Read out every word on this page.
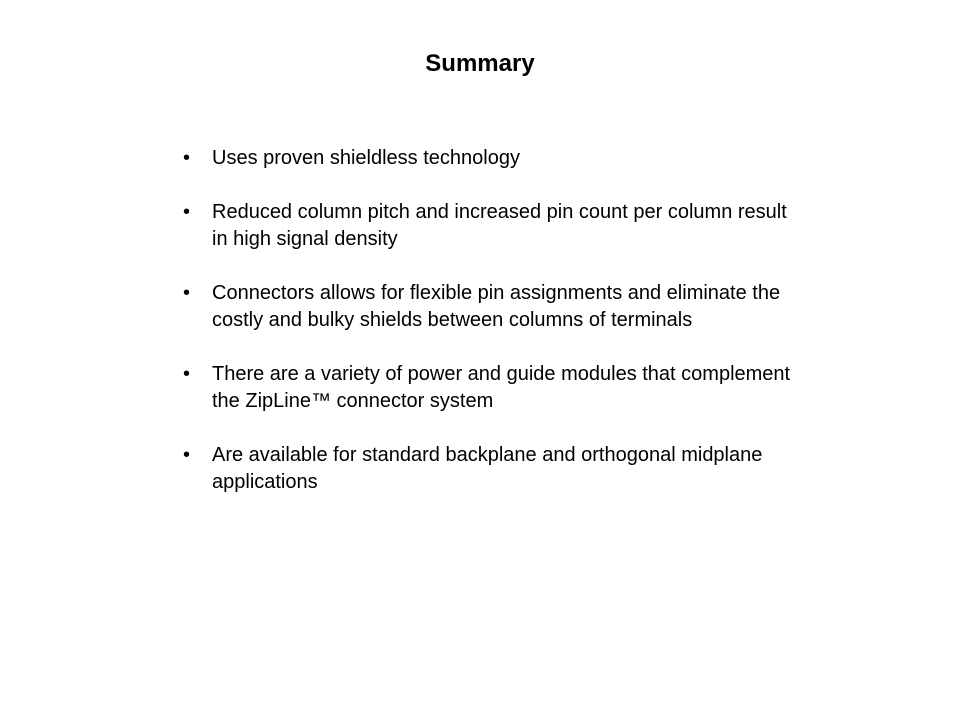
Summary
• Uses proven shieldless technology
• Reduced column pitch and increased pin count per column result in high signal density
• Connectors allows for flexible pin assignments and eliminate the costly and bulky shields between columns of terminals
• There are a variety of power and guide modules that complement the ZipLine™ connector system
• Are available for standard backplane and orthogonal midplane applications
